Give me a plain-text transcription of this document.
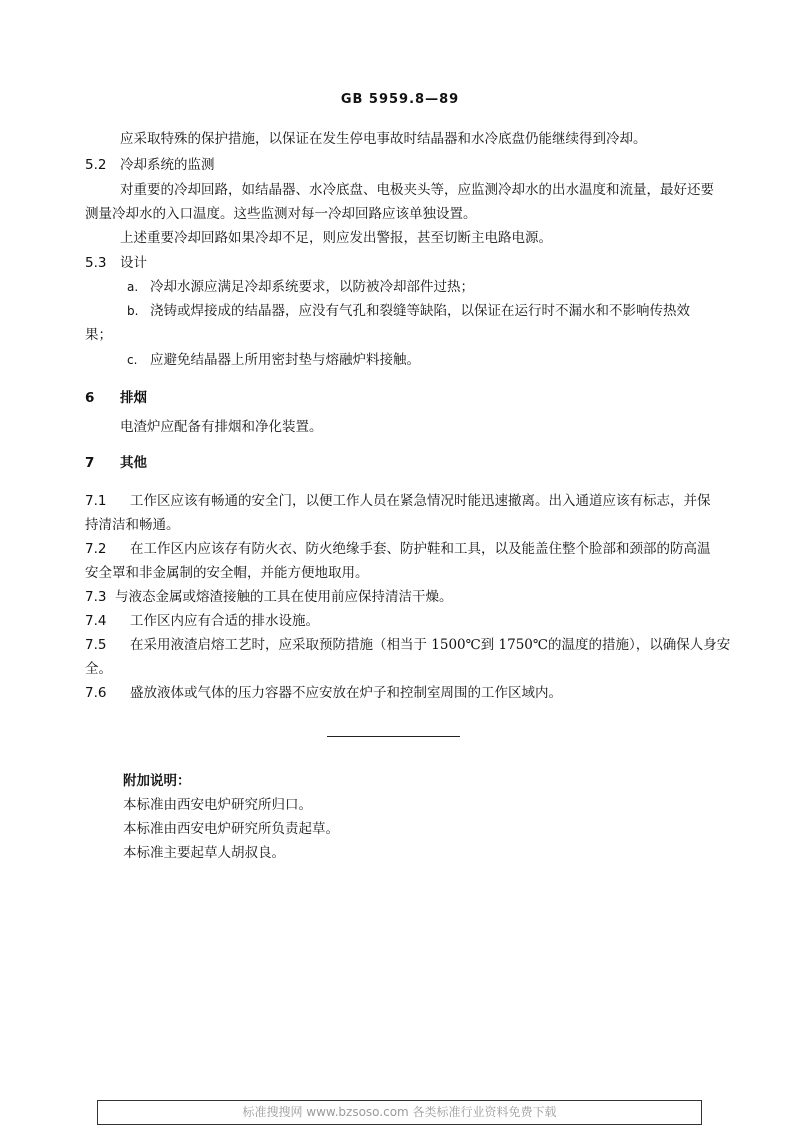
GB 5959.8—89
应采取特殊的保护措施，以保证在发生停电事故时结晶器和水冷底盘仍能继续得到冷却。
5.2 冷却系统的监测
对重要的冷却回路，如结晶器、水冷底盘、电极夹头等，应监测冷却水的出水温度和流量，最好还要
测量冷却水的入口温度。这些监测对每一冷却回路应该单独设置。
上述重要冷却回路如果冷却不足，则应发出警报，甚至切断主电路电源。
5.3 设计
a. 冷却水源应满足冷却系统要求，以防被冷却部件过热；
b. 浇铸或焊接成的结晶器，应没有气孔和裂缝等缺陷，以保证在运行时不漏水和不影响传热效
果；
c. 应避免结晶器上所用密封垫与熔融炉料接触。
6 排烟
电渣炉应配备有排烟和净化装置。
7 其他
7.1 工作区应该有畅通的安全门，以便工作人员在紧急情况时能迅速撤离。出入通道应该有标志，并保
持清洁和畅通。
7.2 在工作区内应该存有防火衣、防火绝缘手套、防护鞋和工具，以及能盖住整个脸部和颈部的防高温
安全罩和非金属制的安全帽，并能方便地取用。
7.3 与液态金属或熔渣接触的工具在使用前应保持清洁干燥。
7.4 工作区内应有合适的排水设施。
7.5 在采用液渣启熔工艺时，应采取预防措施（相当于 1500℃到 1750℃的温度的措施），以确保人身安
全。
7.6 盛放液体或气体的压力容器不应安放在炉子和控制室周围的工作区域内。
附加说明：
本标准由西安电炉研究所归口。
本标准由西安电炉研究所负责起草。
本标准主要起草人胡叔良。
标准搜搜网 www.bzsoso.com 各类标准行业资料免费下载
